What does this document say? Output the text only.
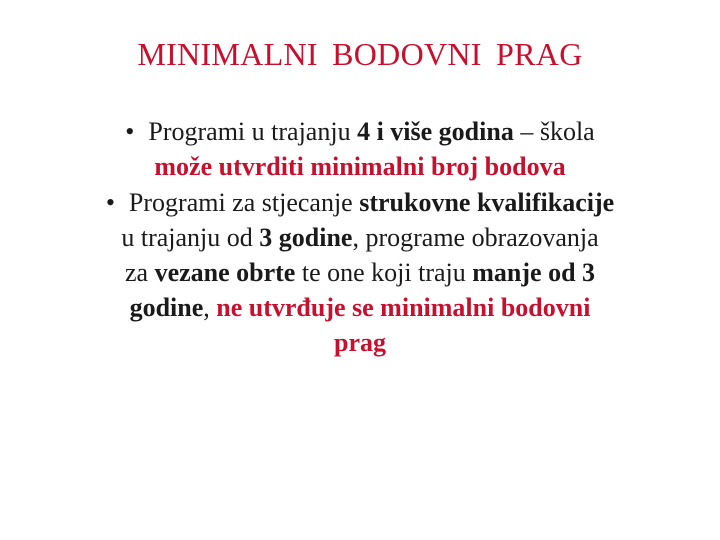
MINIMALNI BODOVNI PRAG
• Programi u trajanju 4 i više godina – škola
može utvrditi minimalni broj bodova
• Programi za stjecanje strukovne kvalifikacije
u trajanju od 3 godine, programe obrazovanja
za vezane obrte te one koji traju manje od 3
godine, ne utvrđuje se minimalni bodovni
prag
